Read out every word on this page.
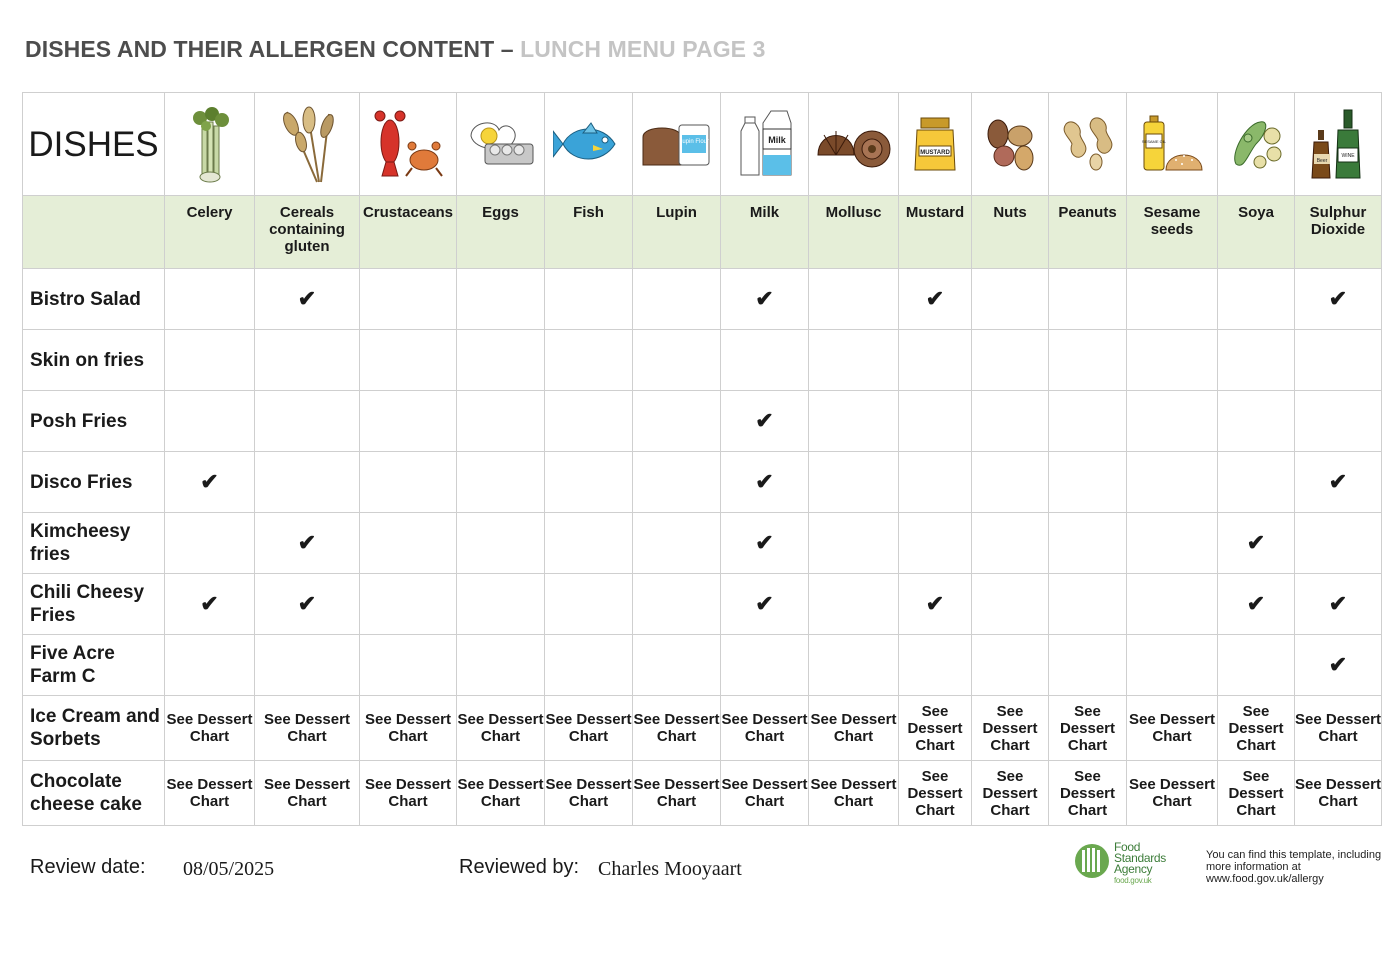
DISHES AND THEIR ALLERGEN CONTENT – LUNCH MENU PAGE 3
DISHES						Lupin Flour	Milk		MUSTARD			SESAME OIL		Beer
WINE

	Celery	Cereals containing gluten	Crustaceans	Eggs	Fish	Lupin	Milk	Mollusc	Mustard	Nuts	Peanuts	Sesame seeds	Soya	Sulphur Dioxide

Bistro Salad		✔					✔		✔					✔

Skin on fries														

Posh Fries							✔							

Disco Fries	✔						✔							✔

Kimcheesy fries		✔					✔						✔	

Chili Cheesy Fries	✔	✔					✔		✔				✔	✔

Five Acre Farm C														✔

Ice Cream and Sorbets	See Dessert Chart	See Dessert Chart	See Dessert Chart	See Dessert Chart	See Dessert Chart	See Dessert Chart	See Dessert Chart	See Dessert Chart	See Dessert Chart	See Dessert Chart	See Dessert Chart	See Dessert Chart	See Dessert Chart	See Dessert Chart

Chocolate cheese cake	See Dessert Chart	See Dessert Chart	See Dessert Chart	See Dessert Chart	See Dessert Chart	See Dessert Chart	See Dessert Chart	See Dessert Chart	See Dessert Chart	See Dessert Chart	See Dessert Chart	See Dessert Chart	See Dessert Chart	See Dessert Chart
Review date: 08/05/2025	Reviewed by: Charles Mooyaart
Food
Standards
Agency
food.gov.uk
You can find this template, including more information at www.food.gov.uk/allergy
